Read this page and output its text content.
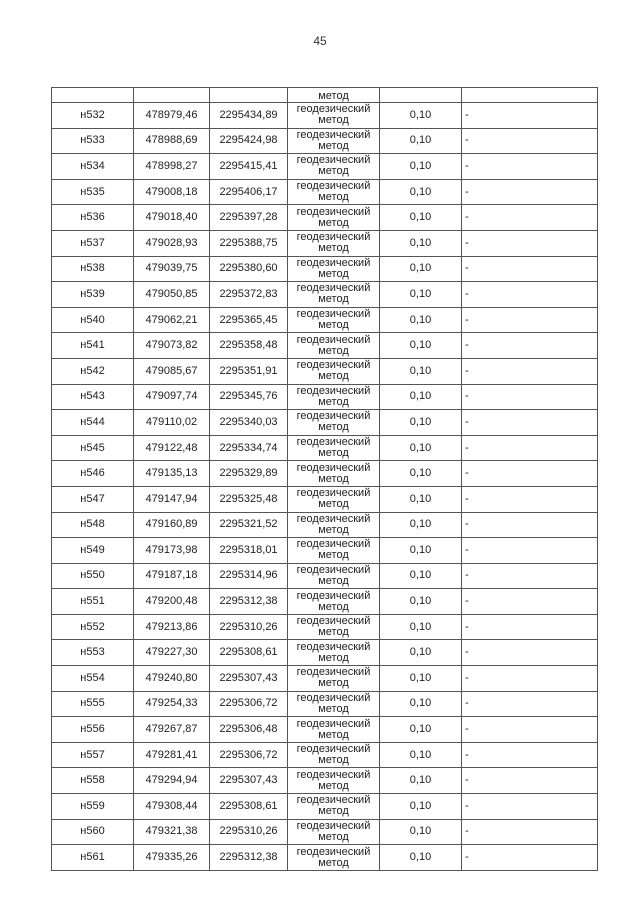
45
			метод		
н532	478979,46	2295434,89	геодезический метод	0,10	-
н533	478988,69	2295424,98	геодезический метод	0,10	-
н534	478998,27	2295415,41	геодезический метод	0,10	-
н535	479008,18	2295406,17	геодезический метод	0,10	-
н536	479018,40	2295397,28	геодезический метод	0,10	-
н537	479028,93	2295388,75	геодезический метод	0,10	-
н538	479039,75	2295380,60	геодезический метод	0,10	-
н539	479050,85	2295372,83	геодезический метод	0,10	-
н540	479062,21	2295365,45	геодезический метод	0,10	-
н541	479073,82	2295358,48	геодезический метод	0,10	-
н542	479085,67	2295351,91	геодезический метод	0,10	-
н543	479097,74	2295345,76	геодезический метод	0,10	-
н544	479110,02	2295340,03	геодезический метод	0,10	-
н545	479122,48	2295334,74	геодезический метод	0,10	-
н546	479135,13	2295329,89	геодезический метод	0,10	-
н547	479147,94	2295325,48	геодезический метод	0,10	-
н548	479160,89	2295321,52	геодезический метод	0,10	-
н549	479173,98	2295318,01	геодезический метод	0,10	-
н550	479187,18	2295314,96	геодезический метод	0,10	-
н551	479200,48	2295312,38	геодезический метод	0,10	-
н552	479213,86	2295310,26	геодезический метод	0,10	-
н553	479227,30	2295308,61	геодезический метод	0,10	-
н554	479240,80	2295307,43	геодезический метод	0,10	-
н555	479254,33	2295306,72	геодезический метод	0,10	-
н556	479267,87	2295306,48	геодезический метод	0,10	-
н557	479281,41	2295306,72	геодезический метод	0,10	-
н558	479294,94	2295307,43	геодезический метод	0,10	-
н559	479308,44	2295308,61	геодезический метод	0,10	-
н560	479321,38	2295310,26	геодезический метод	0,10	-
н561	479335,26	2295312,38	геодезический метод	0,10	-
